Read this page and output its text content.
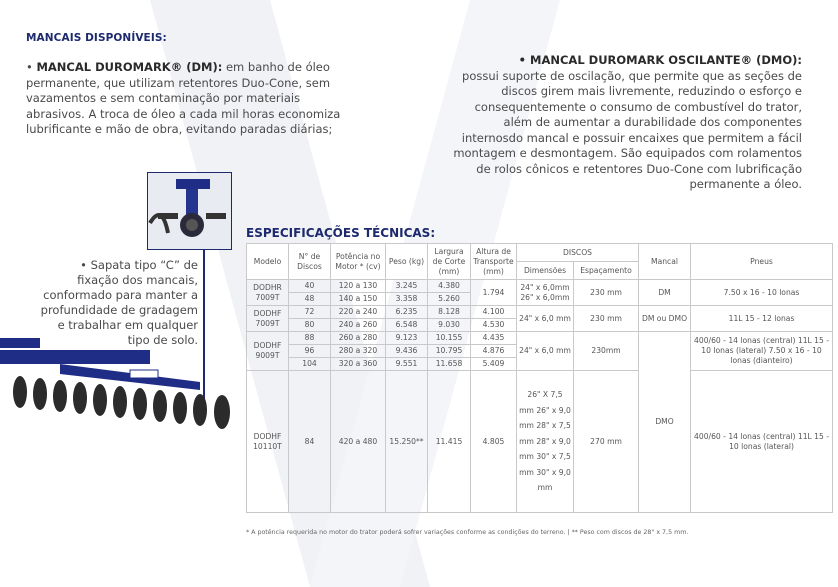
MANCAIS DISPONÍVEIS:
• MANCAL DUROMARK® (DM): em banho de óleo permanente, que utilizam retentores Duo-Cone, sem vazamentos e sem contaminação por materiais abrasivos. A troca de óleo a cada mil horas economiza lubrificante e mão de obra, evitando paradas diárias;
• MANCAL DUROMARK OSCILANTE® (DMO):
possui suporte de oscilação, que permite que as seções de discos girem mais livremente, reduzindo o esforço e consequentemente o consumo de combustível do trator, além de aumentar a durabilidade dos componentes internosdo mancal e possuir encaixes que permitem a fácil montagem e desmontagem. São equipados com rolamentos de rolos cônicos e retentores Duo-Cone com lubrificação permanente a óleo.
• Sapata tipo “C” de fixação dos mancais, conformado para manter a profundidade de gradagem e trabalhar em qualquer tipo de solo.
ESPECIFICAÇÕES TÉCNICAS:
Modelo	N° de Discos	Potência no Motor * (cv)	Peso (kg)	Largura de Corte (mm)	Altura de Transporte (mm)	DISCOS		Mancal	Pneus
						Dimensões	Espaçamento		
DODHR 7009T	40	120 a 130	3.245	4.380	1.794	24" x 6,0mm 26" x 6,0mm	230 mm	DM	7.50 x 16 - 10 lonas
	48	140 a 150	3.358	5.260					
DODHF 7009T	72	220 a 240	6.235	8.128	4.100	24" x 6,0 mm	230 mm	DM ou DMO	11L 15 - 12 lonas
	80	240 a 260	6.548	9.030	4.530				
DODHF 9009T	88	260 a 280	9.123	10.155	4.435	24" x 6,0 mm	230mm	DMO	400/60 - 14 lonas (central) 11L 15 - 10 lonas (lateral) 7.50 x 16 - 10 lonas (dianteiro)
	96	280 a 320	9.436	10.795	4.876				
	104	320 a 360	9.551	11.658	5.409				
DODHF 10110T	84	420 a 480	15.250**	11.415	4.805	26" X 7,5 mm 26" x 9,0 mm 28" x 7,5 mm 28" x 9,0 mm 30" x 7,5 mm 30" x 9,0 mm	270 mm		400/60 - 14 lonas (central) 11L 15 - 10 lonas (lateral)
* A potência requerida no motor do trator poderá sofrer variações conforme as condições do terreno. | ** Peso com discos de 28" x 7,5 mm.
